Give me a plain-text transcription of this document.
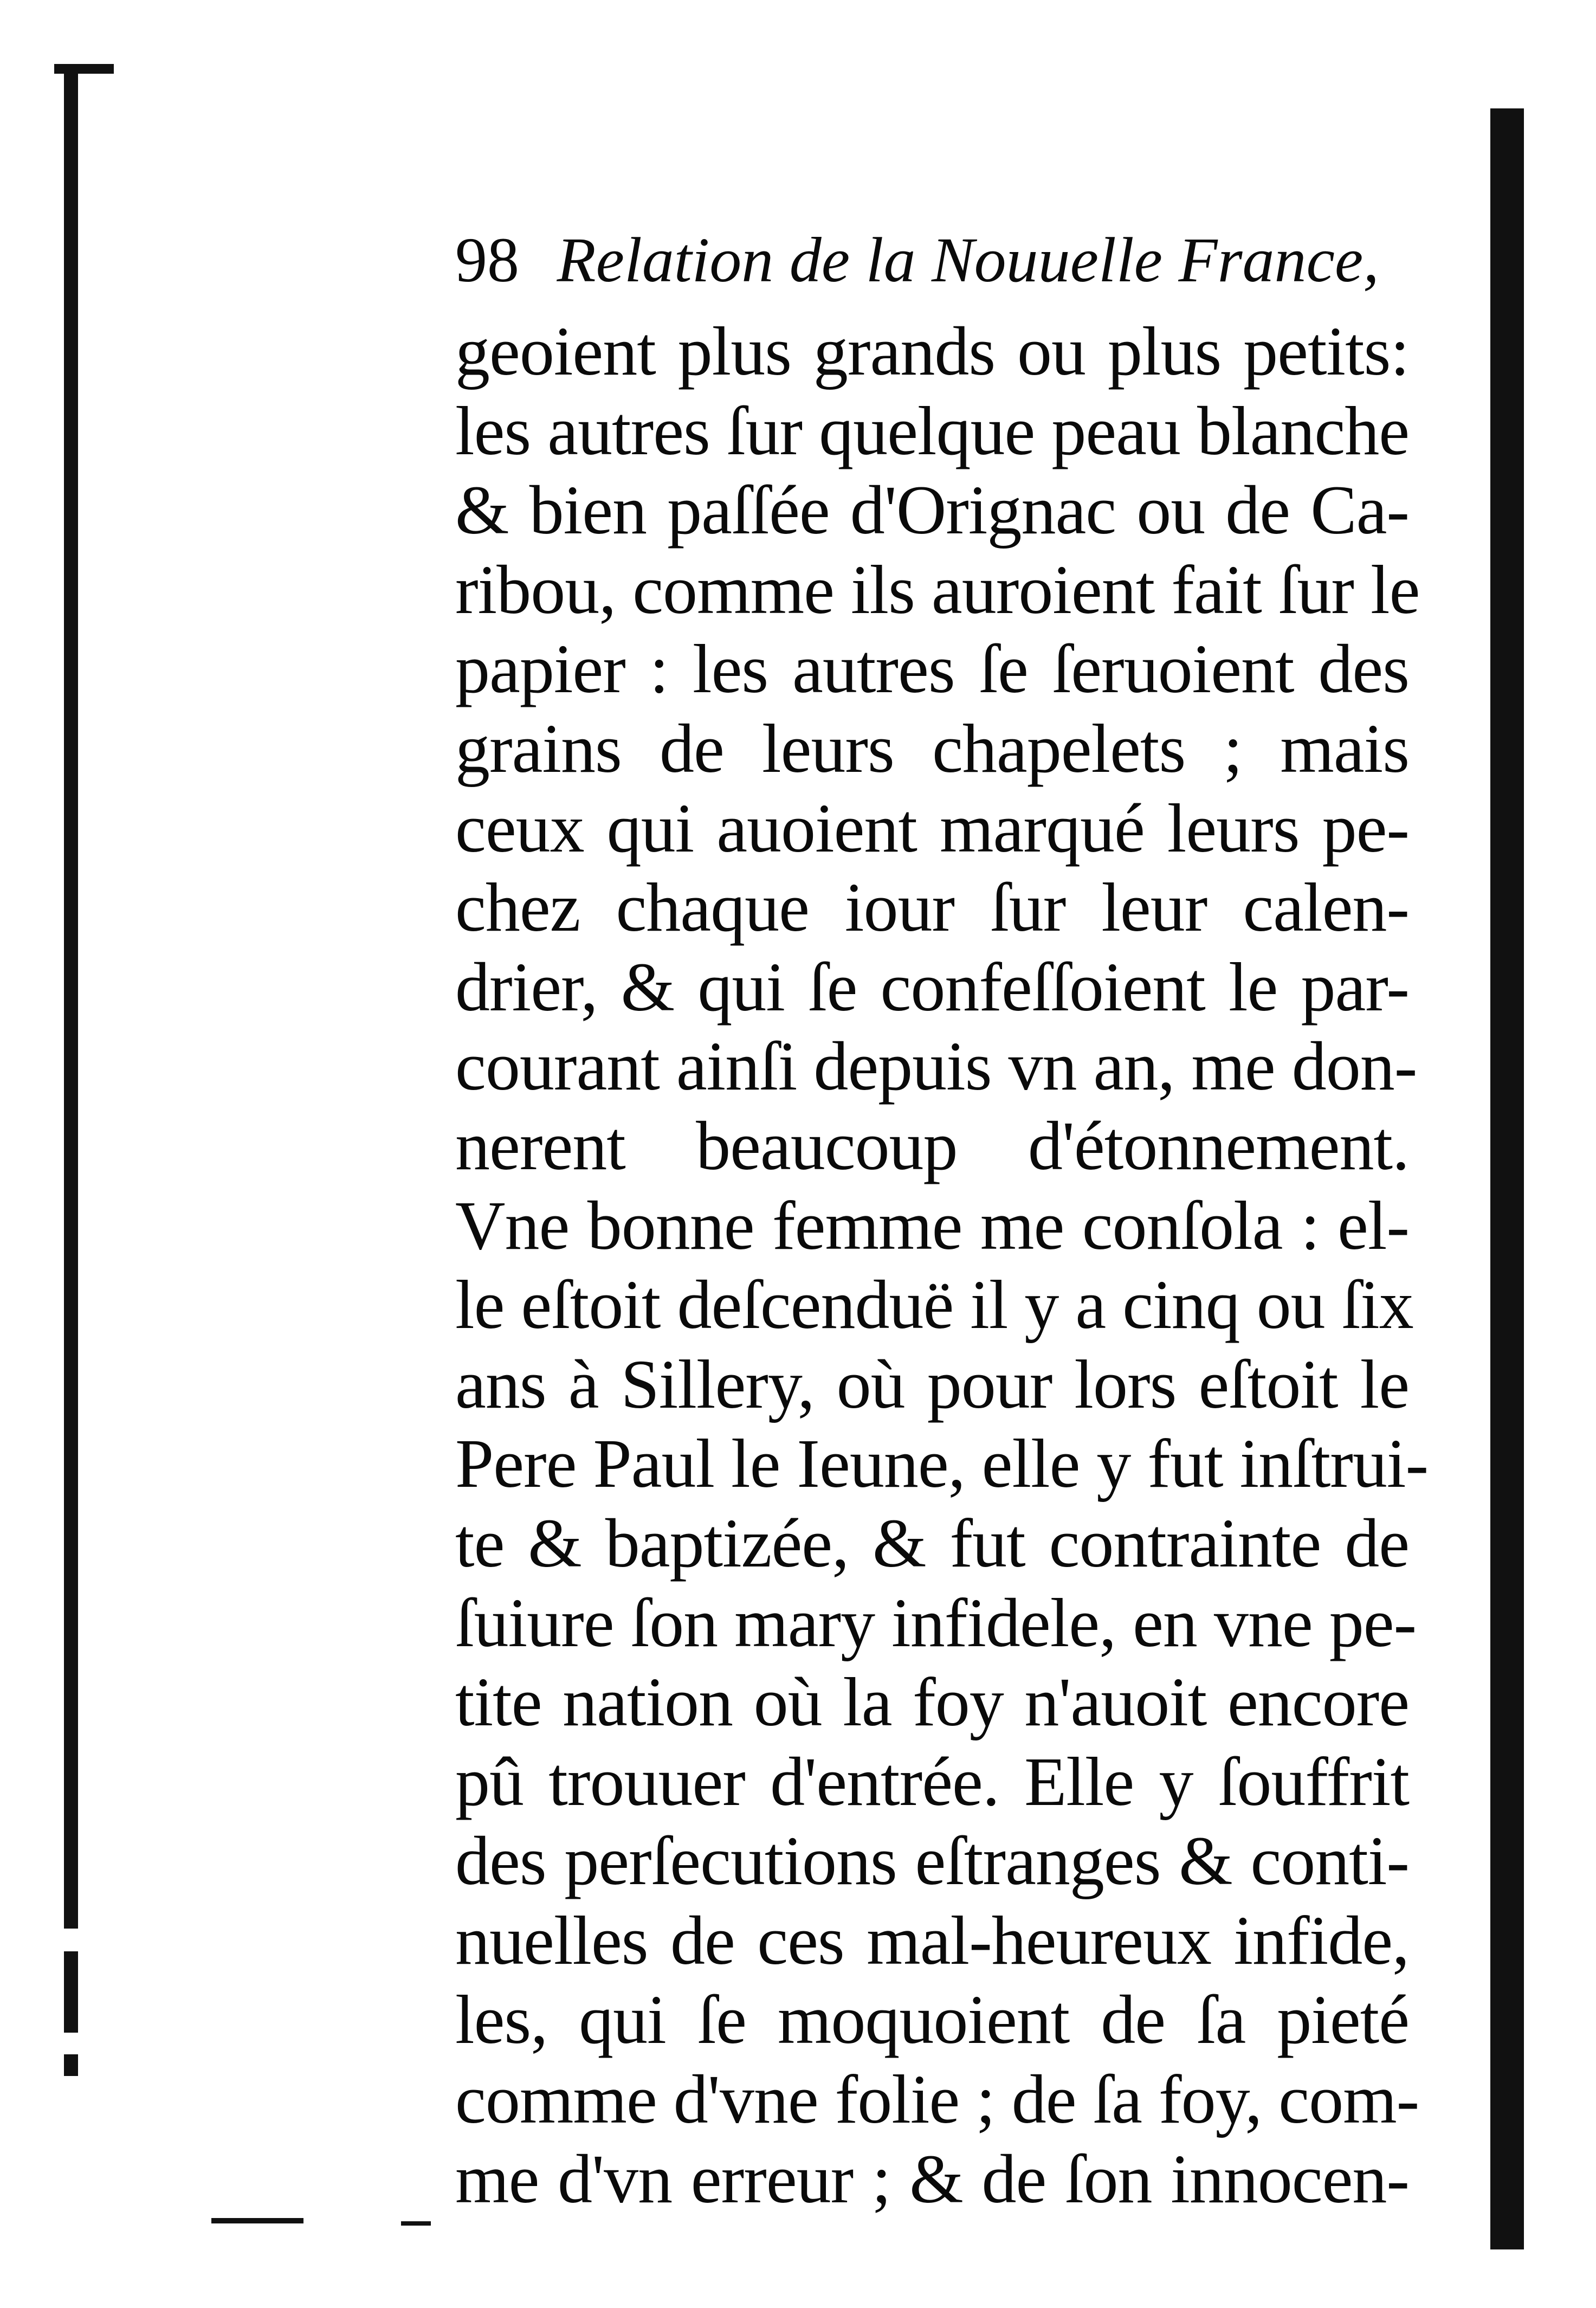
98 Relation de la Nouuelle France,
geoient plus grands ou plus petits:
les autres ſur quelque peau blanche
& bien paſſée d'Orignac ou de Ca-
ribou, comme ils auroient fait ſur le
papier : les autres ſe ſeruoient des
grains de leurs chapelets ; mais
ceux qui auoient marqué leurs pe-
chez chaque iour ſur leur calen-
drier, & qui ſe confeſſoient le par-
courant ainſi depuis vn an, me don-
nerent beaucoup d'étonnement.
Vne bonne femme me conſola : el-
le eſtoit deſcenduë il y a cinq ou ſix
ans à Sillery, où pour lors eſtoit le
Pere Paul le Ieune, elle y fut inſtrui-
te & baptizée, & fut contrainte de
ſuiure ſon mary infidele, en vne pe-
tite nation où la foy n'auoit encore
pû trouuer d'entrée. Elle y ſouffrit
des perſecutions eſtranges & conti-
nuelles de ces mal-heureux infide,
les, qui ſe moquoient de ſa pieté
comme d'vne folie ; de ſa foy, com-
me d'vn erreur ; & de ſon innocen-
